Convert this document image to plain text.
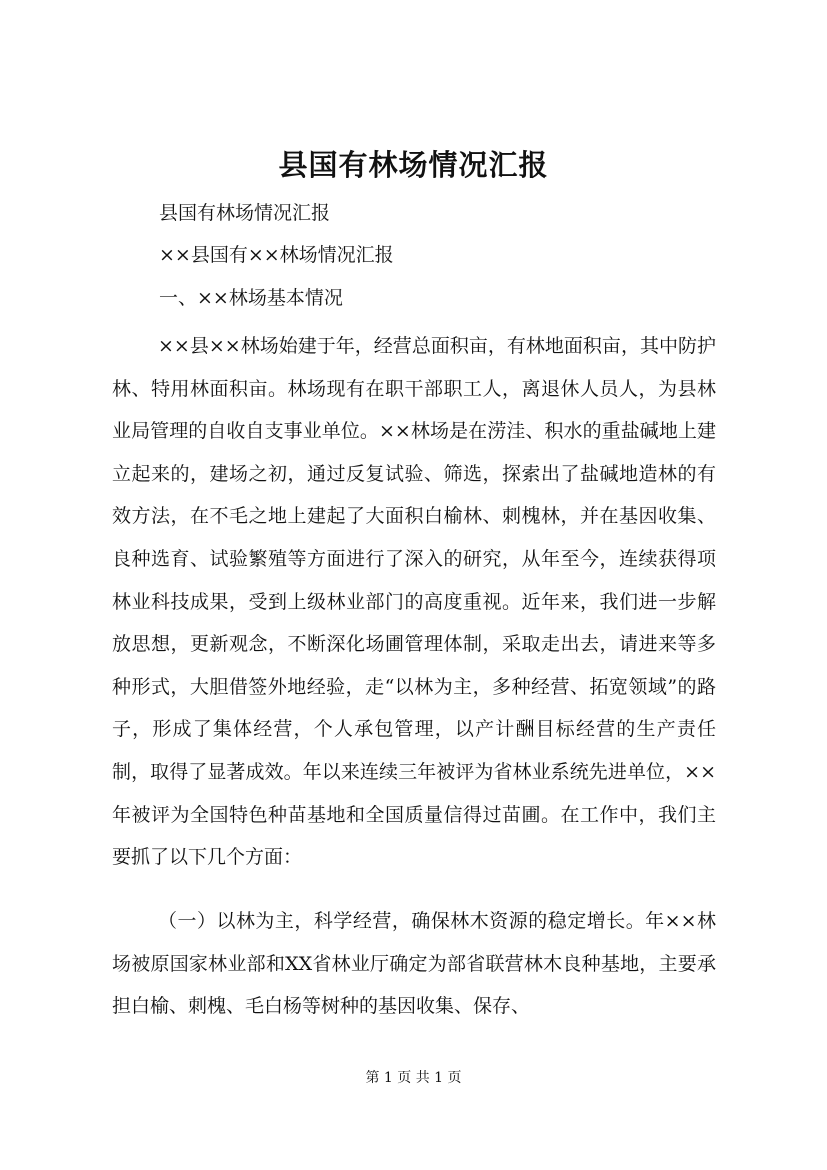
县国有林场情况汇报
县国有林场情况汇报
××县国有××林场情况汇报
一、××林场基本情况

××县××林场始建于年，经营总面积亩，有林地面积亩，其中防护林、特用林面积亩。林场现有在职干部职工人，离退休人员人，为县林业局管理的自收自支事业单位。××林场是在涝洼、积水的重盐碱地上建立起来的，建场之初，通过反复试验、筛选，探索出了盐碱地造林的有效方法，在不毛之地上建起了大面积白榆林、刺槐林，并在基因收集、良种选育、试验繁殖等方面进行了深入的研究，从年至今，连续获得项林业科技成果，受到上级林业部门的高度重视。近年来，我们进一步解放思想，更新观念，不断深化场圃管理体制，采取走出去，请进来等多种形式，大胆借签外地经验，走“以林为主，多种经营、拓宽领域”的路子，形成了集体经营，个人承包管理，以产计酬目标经营的生产责任制，取得了显著成效。年以来连续三年被评为省林业系统先进单位，××年被评为全国特色种苗基地和全国质量信得过苗圃。在工作中，我们主要抓了以下几个方面：

（一）以林为主，科学经营，确保林木资源的稳定增长。年××林场被原国家林业部和XX省林业厅确定为部省联营林木良种基地，主要承担白榆、刺槐、毛白杨等树种的基因收集、保存、

第 1 页 共 1 页
